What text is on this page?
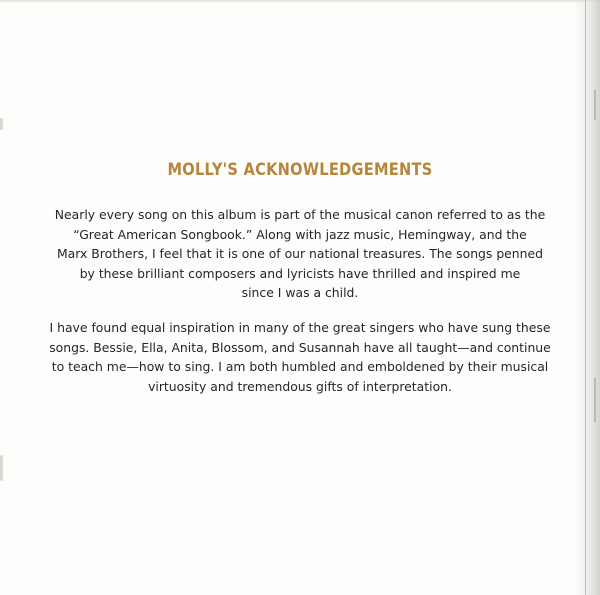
MOLLY'S ACKNOWLEDGEMENTS
Nearly every song on this album is part of the musical canon referred to as the
“Great American Songbook.” Along with jazz music, Hemingway, and the
Marx Brothers, I feel that it is one of our national treasures. The songs penned
by these brilliant composers and lyricists have thrilled and inspired me
since I was a child.
I have found equal inspiration in many of the great singers who have sung these
songs. Bessie, Ella, Anita, Blossom, and Susannah have all taught—and continue
to teach me—how to sing. I am both humbled and emboldened by their musical
virtuosity and tremendous gifts of interpretation.
